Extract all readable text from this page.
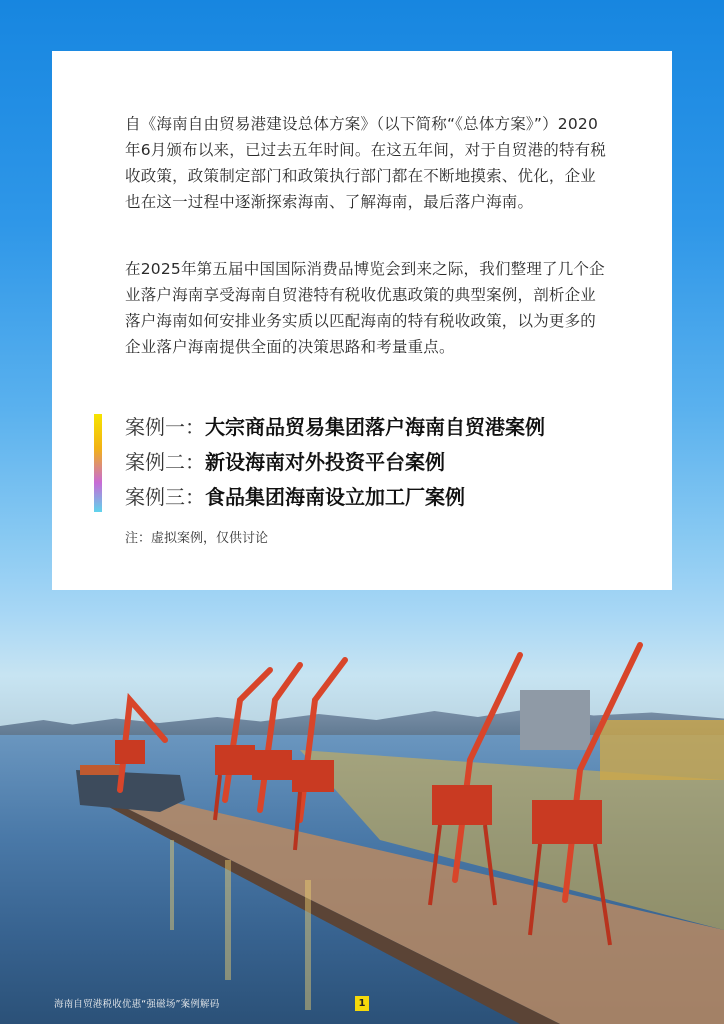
自《海南自由贸易港建设总体方案》（以下简称“《总体方案》”）2020年6月颁布以来，已过去五年时间。在这五年间，对于自贸港的特有税收政策，政策制定部门和政策执行部门都在不断地摸索、优化，企业也在这一过程中逐渐探索海南、了解海南，最后落户海南。

在2025年第五届中国国际消费品博览会到来之际，我们整理了几个企业落户海南享受海南自贸港特有税收优惠政策的典型案例，剖析企业落户海南如何安排业务实质以匹配海南的特有税收政策，以为更多的企业落户海南提供全面的决策思路和考量重点。

案例一：大宗商品贸易集团落户海南自贸港案例
案例二：新设海南对外投资平台案例
案例三：食品集团海南设立加工厂案例
注：虚拟案例，仅供讨论
海南自贸港税收优惠“强磁场”案例解码	1
